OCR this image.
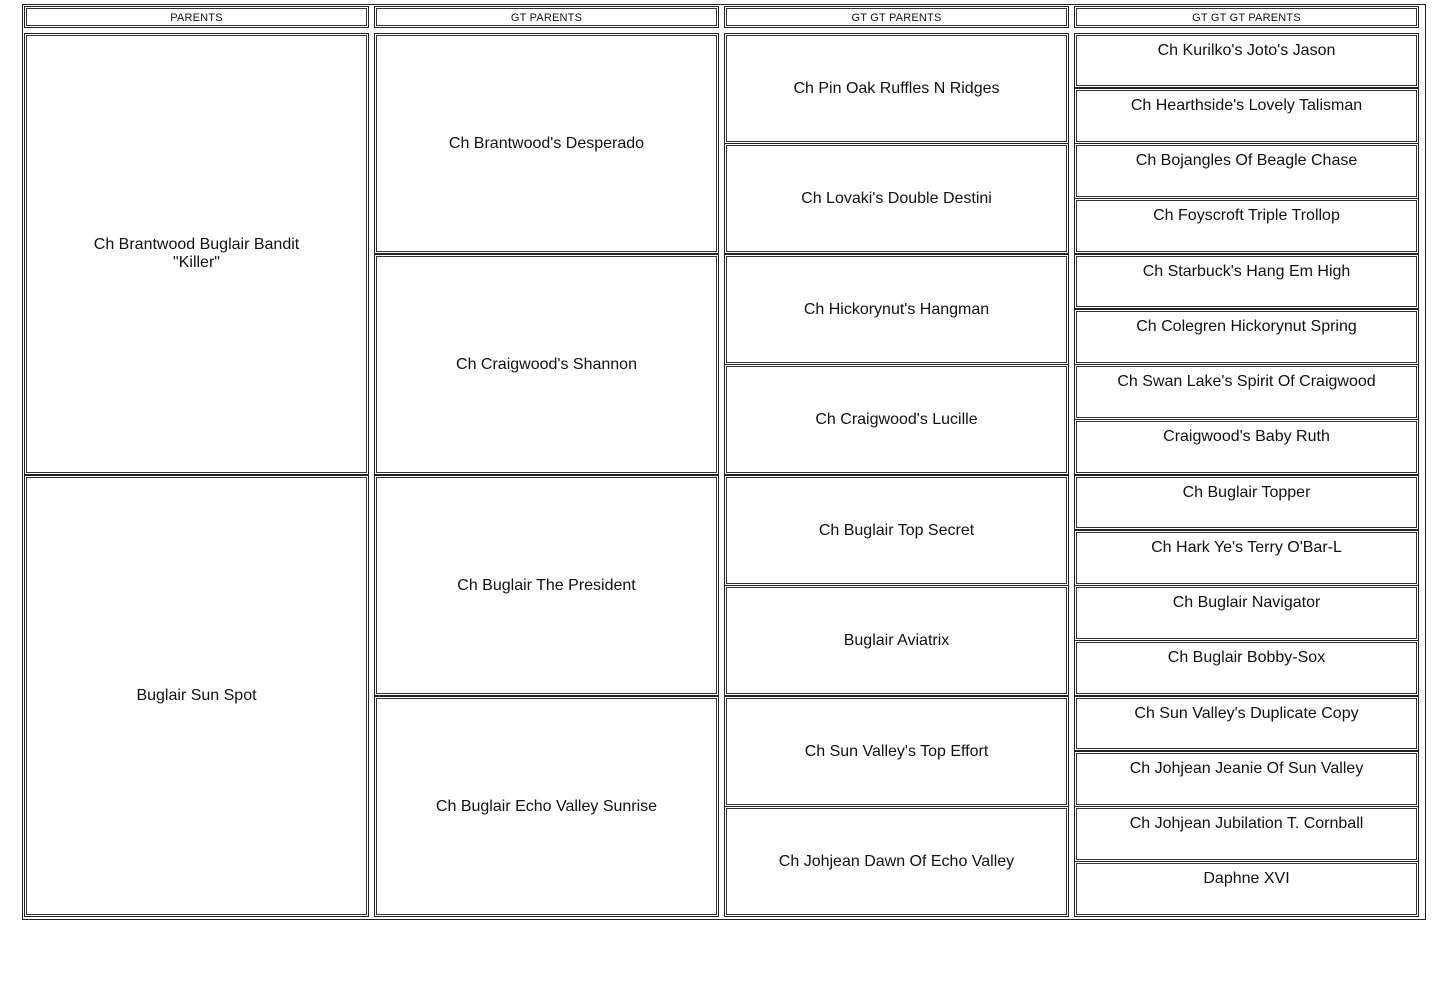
PARENTS
Ch Brantwood Buglair Bandit
"Killer"
Buglair Sun Spot
GT PARENTS
Ch Brantwood's Desperado
Ch Craigwood's Shannon
Ch Buglair The President
Ch Buglair Echo Valley Sunrise
GT GT PARENTS
Ch Pin Oak Ruffles N Ridges
Ch Lovaki's Double Destini
Ch Hickorynut's Hangman
Ch Craigwood's Lucille
Ch Buglair Top Secret
Buglair Aviatrix
Ch Sun Valley's Top Effort
Ch Johjean Dawn Of Echo Valley
GT GT GT PARENTS
Ch Kurilko's Joto's Jason
Ch Hearthside's Lovely Talisman
Ch Bojangles Of Beagle Chase
Ch Foyscroft Triple Trollop
Ch Starbuck's Hang Em High
Ch Colegren Hickorynut Spring
Ch Swan Lake's Spirit Of Craigwood
Craigwood's Baby Ruth
Ch Buglair Topper
Ch Hark Ye's Terry O'Bar-L
Ch Buglair Navigator
Ch Buglair Bobby-Sox
Ch Sun Valley's Duplicate Copy
Ch Johjean Jeanie Of Sun Valley
Ch Johjean Jubilation T. Cornball
Daphne XVI
